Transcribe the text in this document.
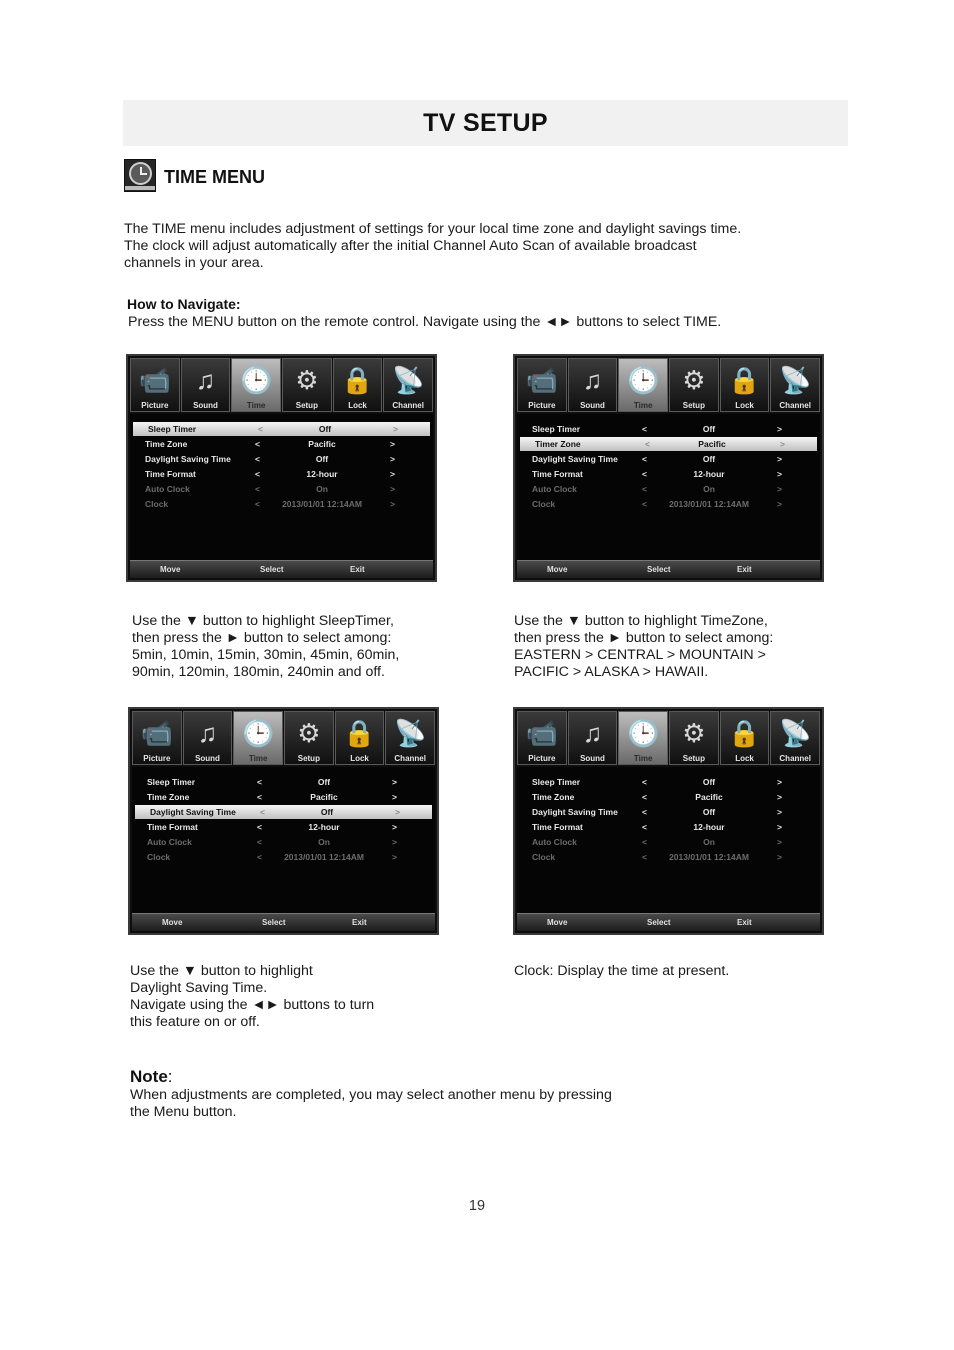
TV SETUP
TIME MENU

The TIME menu includes adjustment of settings for your local time zone and daylight savings time.

The clock will adjust automatically after the initial Channel Auto Scan of available broadcast

channels in your area.

How to Navigate:
Press the MENU button on the remote control. Navigate using the ◄► buttons to select TIME.
📹
Picture
♫
Sound
🕒
Time
⚙
Setup
🔒
Lock
📡
Channel
Sleep Timer	<	Off	>
Time Zone	<	Pacific	>
Daylight Saving Time	<	Off	>
Time Format	<	12-hour	>
Auto Clock	<	On	>
Clock	<	2013/01/01 12:14AM	>
Move	Select	Exit
📹
Picture
♫
Sound
🕒
Time
⚙
Setup
🔒
Lock
📡
Channel
Sleep Timer	<	Off	>
Timer Zone	<	Pacific	>
Daylight Saving Time	<	Off	>
Time Format	<	12-hour	>
Auto Clock	<	On	>
Clock	<	2013/01/01 12:14AM	>
Move	Select	Exit
📹
Picture
♫
Sound
🕒
Time
⚙
Setup
🔒
Lock
📡
Channel
Sleep Timer	<	Off	>
Time Zone	<	Pacific	>
Daylight Saving Time	<	Off	>
Time Format	<	12-hour	>
Auto Clock	<	On	>
Clock	<	2013/01/01 12:14AM	>
Move	Select	Exit
📹
Picture
♫
Sound
🕒
Time
⚙
Setup
🔒
Lock
📡
Channel
Sleep Timer	<	Off	>
Time Zone	<	Pacific	>
Daylight Saving Time	<	Off	>
Time Format	<	12-hour	>
Auto Clock	<	On	>
Clock	<	2013/01/01 12:14AM	>
Move	Select	Exit

Use the ▼ button to highlight SleepTimer,

then press the ► button to select among:

5min, 10min, 15min, 30min, 45min, 60min,

90min, 120min, 180min, 240min and off.

Use the ▼ button to highlight TimeZone,

then press the ► button to select among:

EASTERN > CENTRAL > MOUNTAIN >

PACIFIC > ALASKA > HAWAII.

Use the ▼ button to highlight

Daylight Saving Time.

Navigate using the ◄► buttons to turn

this feature on or off.

Clock: Display the time at present.

Note:

When adjustments are completed, you may select another menu by pressing

the Menu button.

19
